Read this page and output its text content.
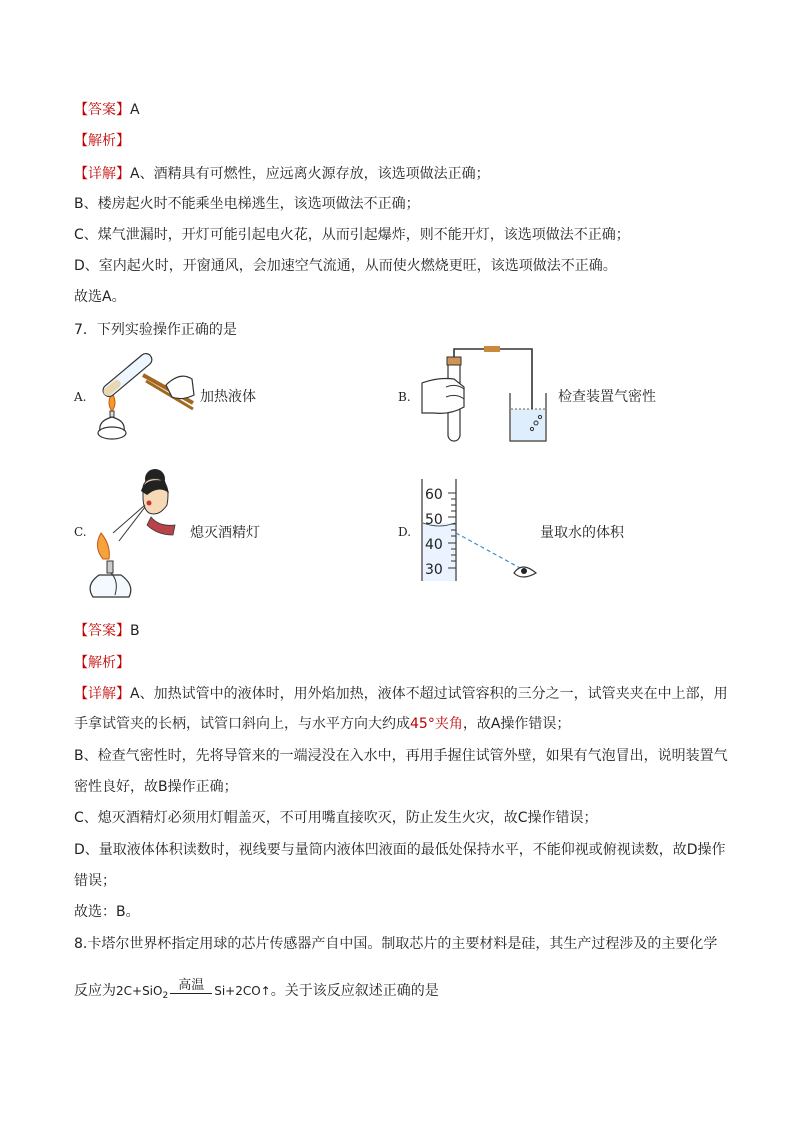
【答案】A
【解析】
【详解】A、酒精具有可燃性，应远离火源存放，该选项做法正确；
B、楼房起火时不能乘坐电梯逃生，该选项做法不正确；
C、煤气泄漏时，开灯可能引起电火花，从而引起爆炸，则不能开灯，该选项做法不正确；
D、室内起火时，开窗通风，会加速空气流通，从而使火燃烧更旺，该选项做法不正确。
故选A。
7．下列实验操作正确的是
A.	加热液体	B.	检查装置气密性
C.	熄灭酒精灯	D.
60
50
40
30
量取水的体积
【答案】B
【解析】
【详解】A、加热试管中的液体时，用外焰加热，液体不超过试管容积的三分之一，试管夹夹在中上部，用
手拿试管夹的长柄，试管口斜向上，与水平方向大约成45°夹角，故A操作错误；
B、检查气密性时，先将导管来的一端浸没在入水中，再用手握住试管外壁，如果有气泡冒出，说明装置气
密性良好，故B操作正确；
C、熄灭酒精灯必须用灯帽盖灭，不可用嘴直接吹灭，防止发生火灾，故C操作错误；
D、量取液体体积读数时，视线要与量筒内液体凹液面的最低处保持水平，不能仰视或俯视读数，故D操作
错误；
故选：B。
8.卡塔尔世界杯指定用球的芯片传感器产自中国。制取芯片的主要材料是硅，其生产过程涉及的主要化学
反应为2C+SiO$_2$高温 Si+2CO↑。关于该反应叙述正确的是
